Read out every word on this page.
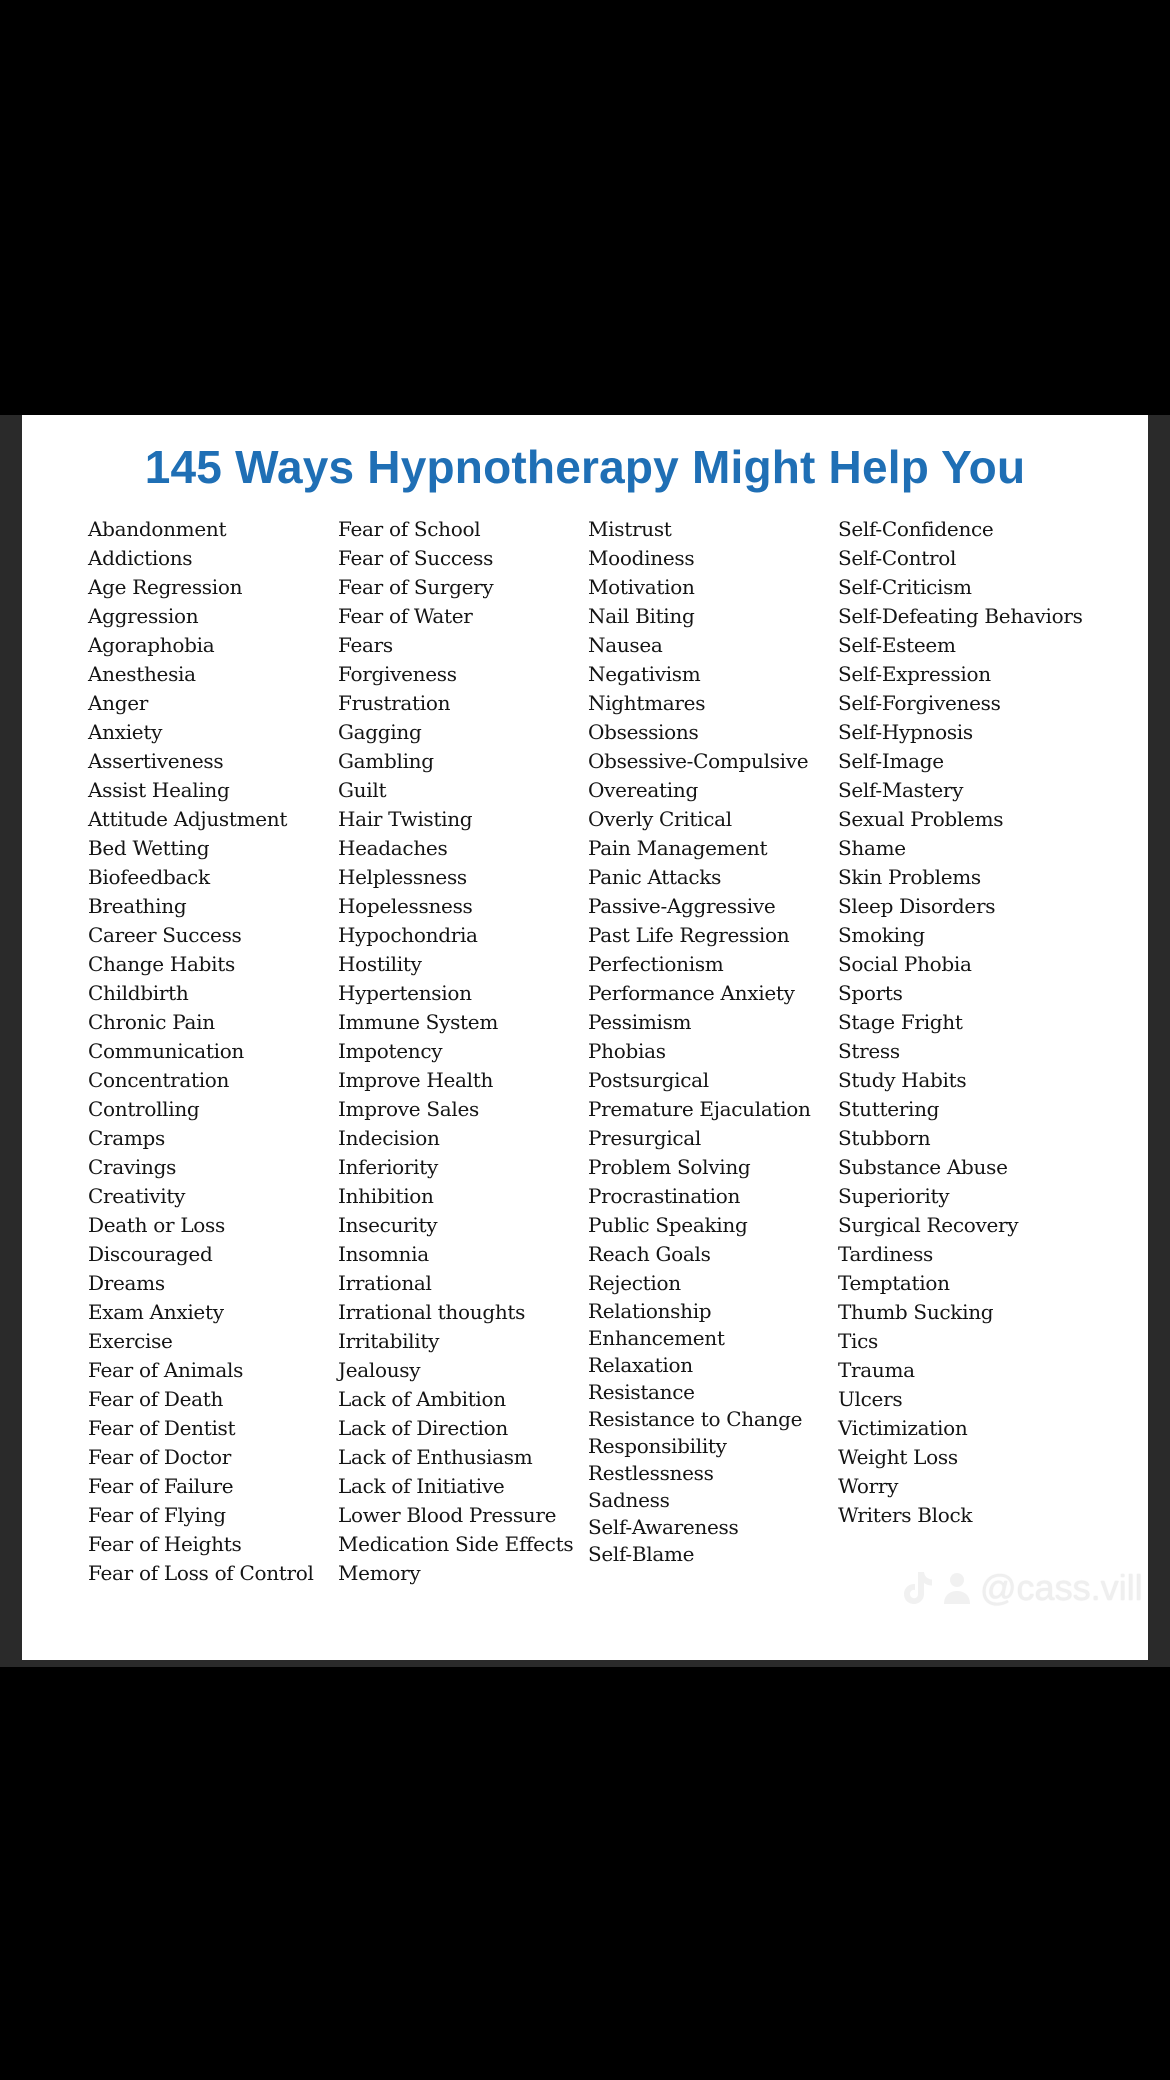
145 Ways Hypnotherapy Might Help You
Abandonment
Addictions
Age Regression
Aggression
Agoraphobia
Anesthesia
Anger
Anxiety
Assertiveness
Assist Healing
Attitude Adjustment
Bed Wetting
Biofeedback
Breathing
Career Success
Change Habits
Childbirth
Chronic Pain
Communication
Concentration
Controlling
Cramps
Cravings
Creativity
Death or Loss
Discouraged
Dreams
Exam Anxiety
Exercise
Fear of Animals
Fear of Death
Fear of Dentist
Fear of Doctor
Fear of Failure
Fear of Flying
Fear of Heights
Fear of Loss of Control
Fear of School
Fear of Success
Fear of Surgery
Fear of Water
Fears
Forgiveness
Frustration
Gagging
Gambling
Guilt
Hair Twisting
Headaches
Helplessness
Hopelessness
Hypochondria
Hostility
Hypertension
Immune System
Impotency
Improve Health
Improve Sales
Indecision
Inferiority
Inhibition
Insecurity
Insomnia
Irrational
Irrational thoughts
Irritability
Jealousy
Lack of Ambition
Lack of Direction
Lack of Enthusiasm
Lack of Initiative
Lower Blood Pressure
Medication Side Effects
Memory
Mistrust
Moodiness
Motivation
Nail Biting
Nausea
Negativism
Nightmares
Obsessions
Obsessive-Compulsive
Overeating
Overly Critical
Pain Management
Panic Attacks
Passive-Aggressive
Past Life Regression
Perfectionism
Performance Anxiety
Pessimism
Phobias
Postsurgical
Premature Ejaculation
Presurgical
Problem Solving
Procrastination
Public Speaking
Reach Goals
Rejection
Relationship
Enhancement
Relaxation
Resistance
Resistance to Change
Responsibility
Restlessness
Sadness
Self-Awareness
Self-Blame
Self-Confidence
Self-Control
Self-Criticism
Self-Defeating Behaviors
Self-Esteem
Self-Expression
Self-Forgiveness
Self-Hypnosis
Self-Image
Self-Mastery
Sexual Problems
Shame
Skin Problems
Sleep Disorders
Smoking
Social Phobia
Sports
Stage Fright
Stress
Study Habits
Stuttering
Stubborn
Substance Abuse
Superiority
Surgical Recovery
Tardiness
Temptation
Thumb Sucking
Tics
Trauma
Ulcers
Victimization
Weight Loss
Worry
Writers Block
@cass.vill
